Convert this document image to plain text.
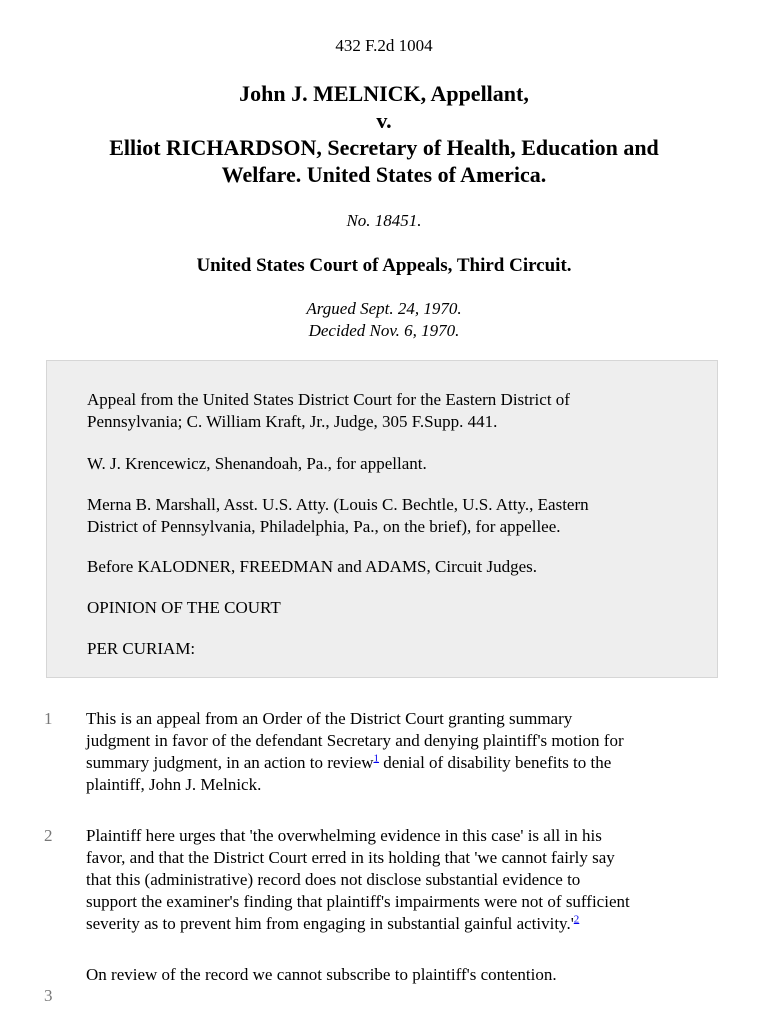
432 F.2d 1004
John J. MELNICK, Appellant,
v.
Elliot RICHARDSON, Secretary of Health, Education and
Welfare. United States of America.
No. 18451.
United States Court of Appeals, Third Circuit.
Argued Sept. 24, 1970.
Decided Nov. 6, 1970.

Appeal from the United States District Court for the Eastern District of
Pennsylvania; C. William Kraft, Jr., Judge, 305 F.Supp. 441.

W. J. Krencewicz, Shenandoah, Pa., for appellant.

Merna B. Marshall, Asst. U.S. Atty. (Louis C. Bechtle, U.S. Atty., Eastern
District of Pennsylvania, Philadelphia, Pa., on the brief), for appellee.

Before KALODNER, FREEDMAN and ADAMS, Circuit Judges.

OPINION OF THE COURT

PER CURIAM:

1	This is an appeal from an Order of the District Court granting summary
judgment in favor of the defendant Secretary and denying plaintiff's motion for
summary judgment, in an action to review$^1$ denial of disability benefits to the
plaintiff, John J. Melnick.

2	Plaintiff here urges that 'the overwhelming evidence in this case' is all in his
favor, and that the District Court erred in its holding that 'we cannot fairly say
that this (administrative) record does not disclose substantial evidence to
support the examiner's finding that plaintiff's impairments were not of sufficient
severity as to prevent him from engaging in substantial gainful activity.'$^2$

3

On review of the record we cannot subscribe to plaintiff's contention.
